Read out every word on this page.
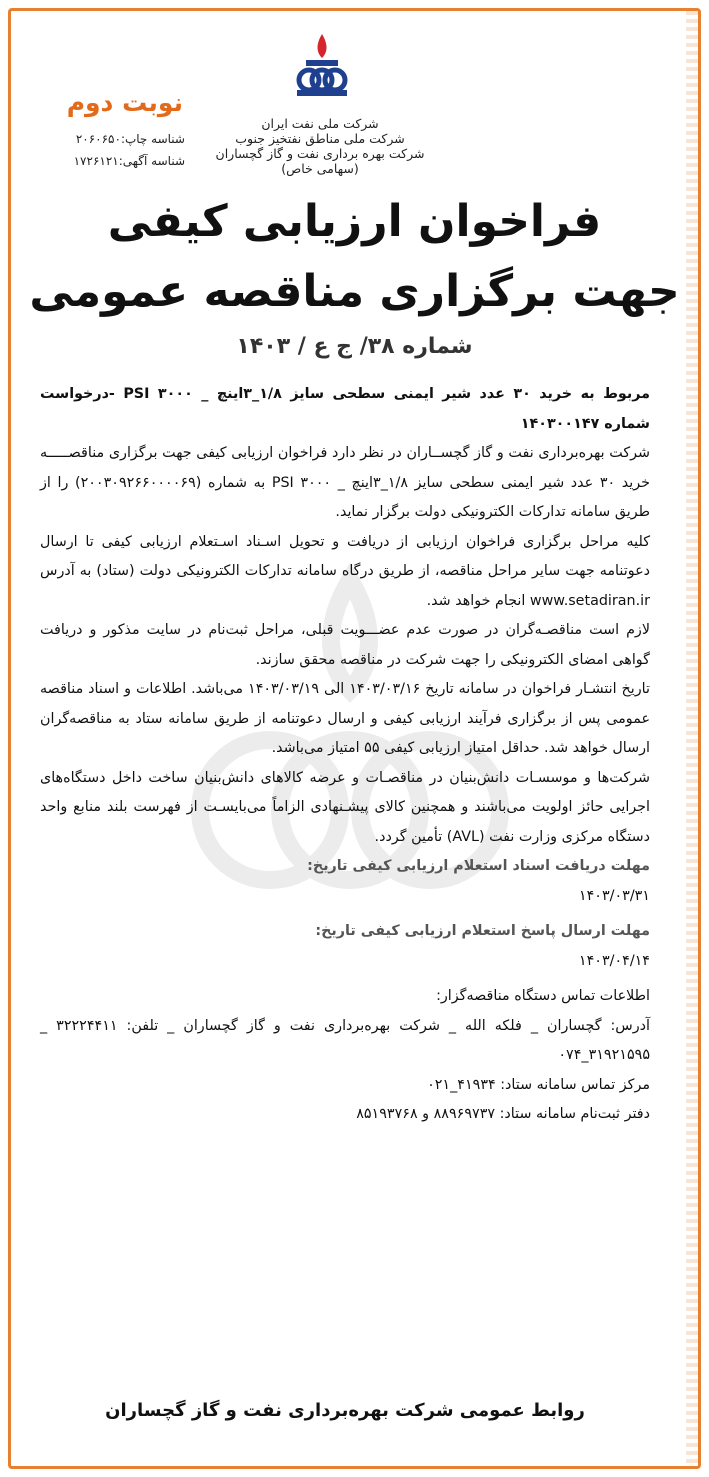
شرکت ملی نفت ایران
شرکت ملی مناطق نفتخیز جنوب
شرکت بهره برداری نفت و گاز گچساران
(سهامی خاص)
نوبت دوم
شناسه چاپ:۲۰۶۰۶۵۰
شناسه آگهی:۱۷۲۶۱۲۱
فراخوان ارزیابی کیفی
جهت برگزاری مناقصه عمومی
شماره ۳۸/ ج ع / ۱۴۰۳

مربوط به خرید ۳۰ عدد شیر ایمنی سطحی سایز ۱/۸_۳اینچ _ ۳۰۰۰ PSI -درخواست شماره ۱۴۰۳۰۰۱۴۷

شرکت بهره‌برداری نفت و گاز گچســاران در نظر دارد فراخوان ارزیابی کیفی جهت برگزاری مناقصـــــه خرید ۳۰ عدد شیر ایمنی سطحی سایز ۱/۸_۳اینچ _ ۳۰۰۰ PSI به شماره (۲۰۰۳۰۹۲۶۶۰۰۰۰۶۹) را از طریق سامانه تدارکات الکترونیکی دولت برگزار نماید.

کلیه مراحل برگزاری فراخوان ارزیابی از دریافت و تحویل اسـناد اسـتعلام ارزیابی کیفی تا ارسال دعوتنامه جهت سایر مراحل مناقصه، از طریق درگاه سامانه تدارکات الکترونیکی دولت (ستاد) به آدرس www.setadiran.ir انجام خواهد شد.

لازم است مناقصـه‌گران در صورت عدم عضـــویت قبلی، مراحل ثبت‌نام در سایت مذکور و دریافت گواهی امضای الکترونیکی را جهت شرکت در مناقصه محقق سازند.

تاریخ انتشـار فراخوان در سامانه تاریخ ۱۴۰۳/۰۳/۱۶ الی ۱۴۰۳/۰۳/۱۹ می‌باشد. اطلاعات و اسناد مناقصه عمومی پس از برگزاری فرآیند ارزیابی کیفی و ارسال دعوتنامه از طریق سامانه ستاد به مناقصه‌گران ارسال خواهد شد. حداقل امتیاز ارزیابی کیفی ۵۵ امتیاز می‌باشد.

شرکت‌ها و موسسـات دانش‌بنیان در مناقصـات و عرضه کالاهای دانش‌بنیان ساخت داخل دستگاه‌های اجرایی حائز اولویت می‌باشند و همچنین کالای پیشـنهادی الزاماً می‌بایسـت از فهرست بلند منابع واحد دستگاه مرکزی وزارت نفت (AVL) تأمین گردد.

مهلت دریافت اسناد استعلام ارزیابی کیفی تاریخ:

۱۴۰۳/۰۳/۳۱

مهلت ارسال پاسخ استعلام ارزیابی کیفی تاریخ:

۱۴۰۳/۰۴/۱۴

اطلاعات تماس دستگاه مناقصه‌گزار:

آدرس: گچساران _ فلکه الله _ شرکت بهره‌برداری نفت و گاز گچساران _ تلفن: ۳۲۲۲۴۴۱۱ _ ۳۱۹۲۱۵۹۵_۰۷۴

مرکز تماس سامانه ستاد: ۴۱۹۳۴_۰۲۱

دفتر ثبت‌نام سامانه ستاد: ۸۸۹۶۹۷۳۷ و ۸۵۱۹۳۷۶۸

روابط عمومی شرکت بهره‌برداری نفت و گاز گچساران
